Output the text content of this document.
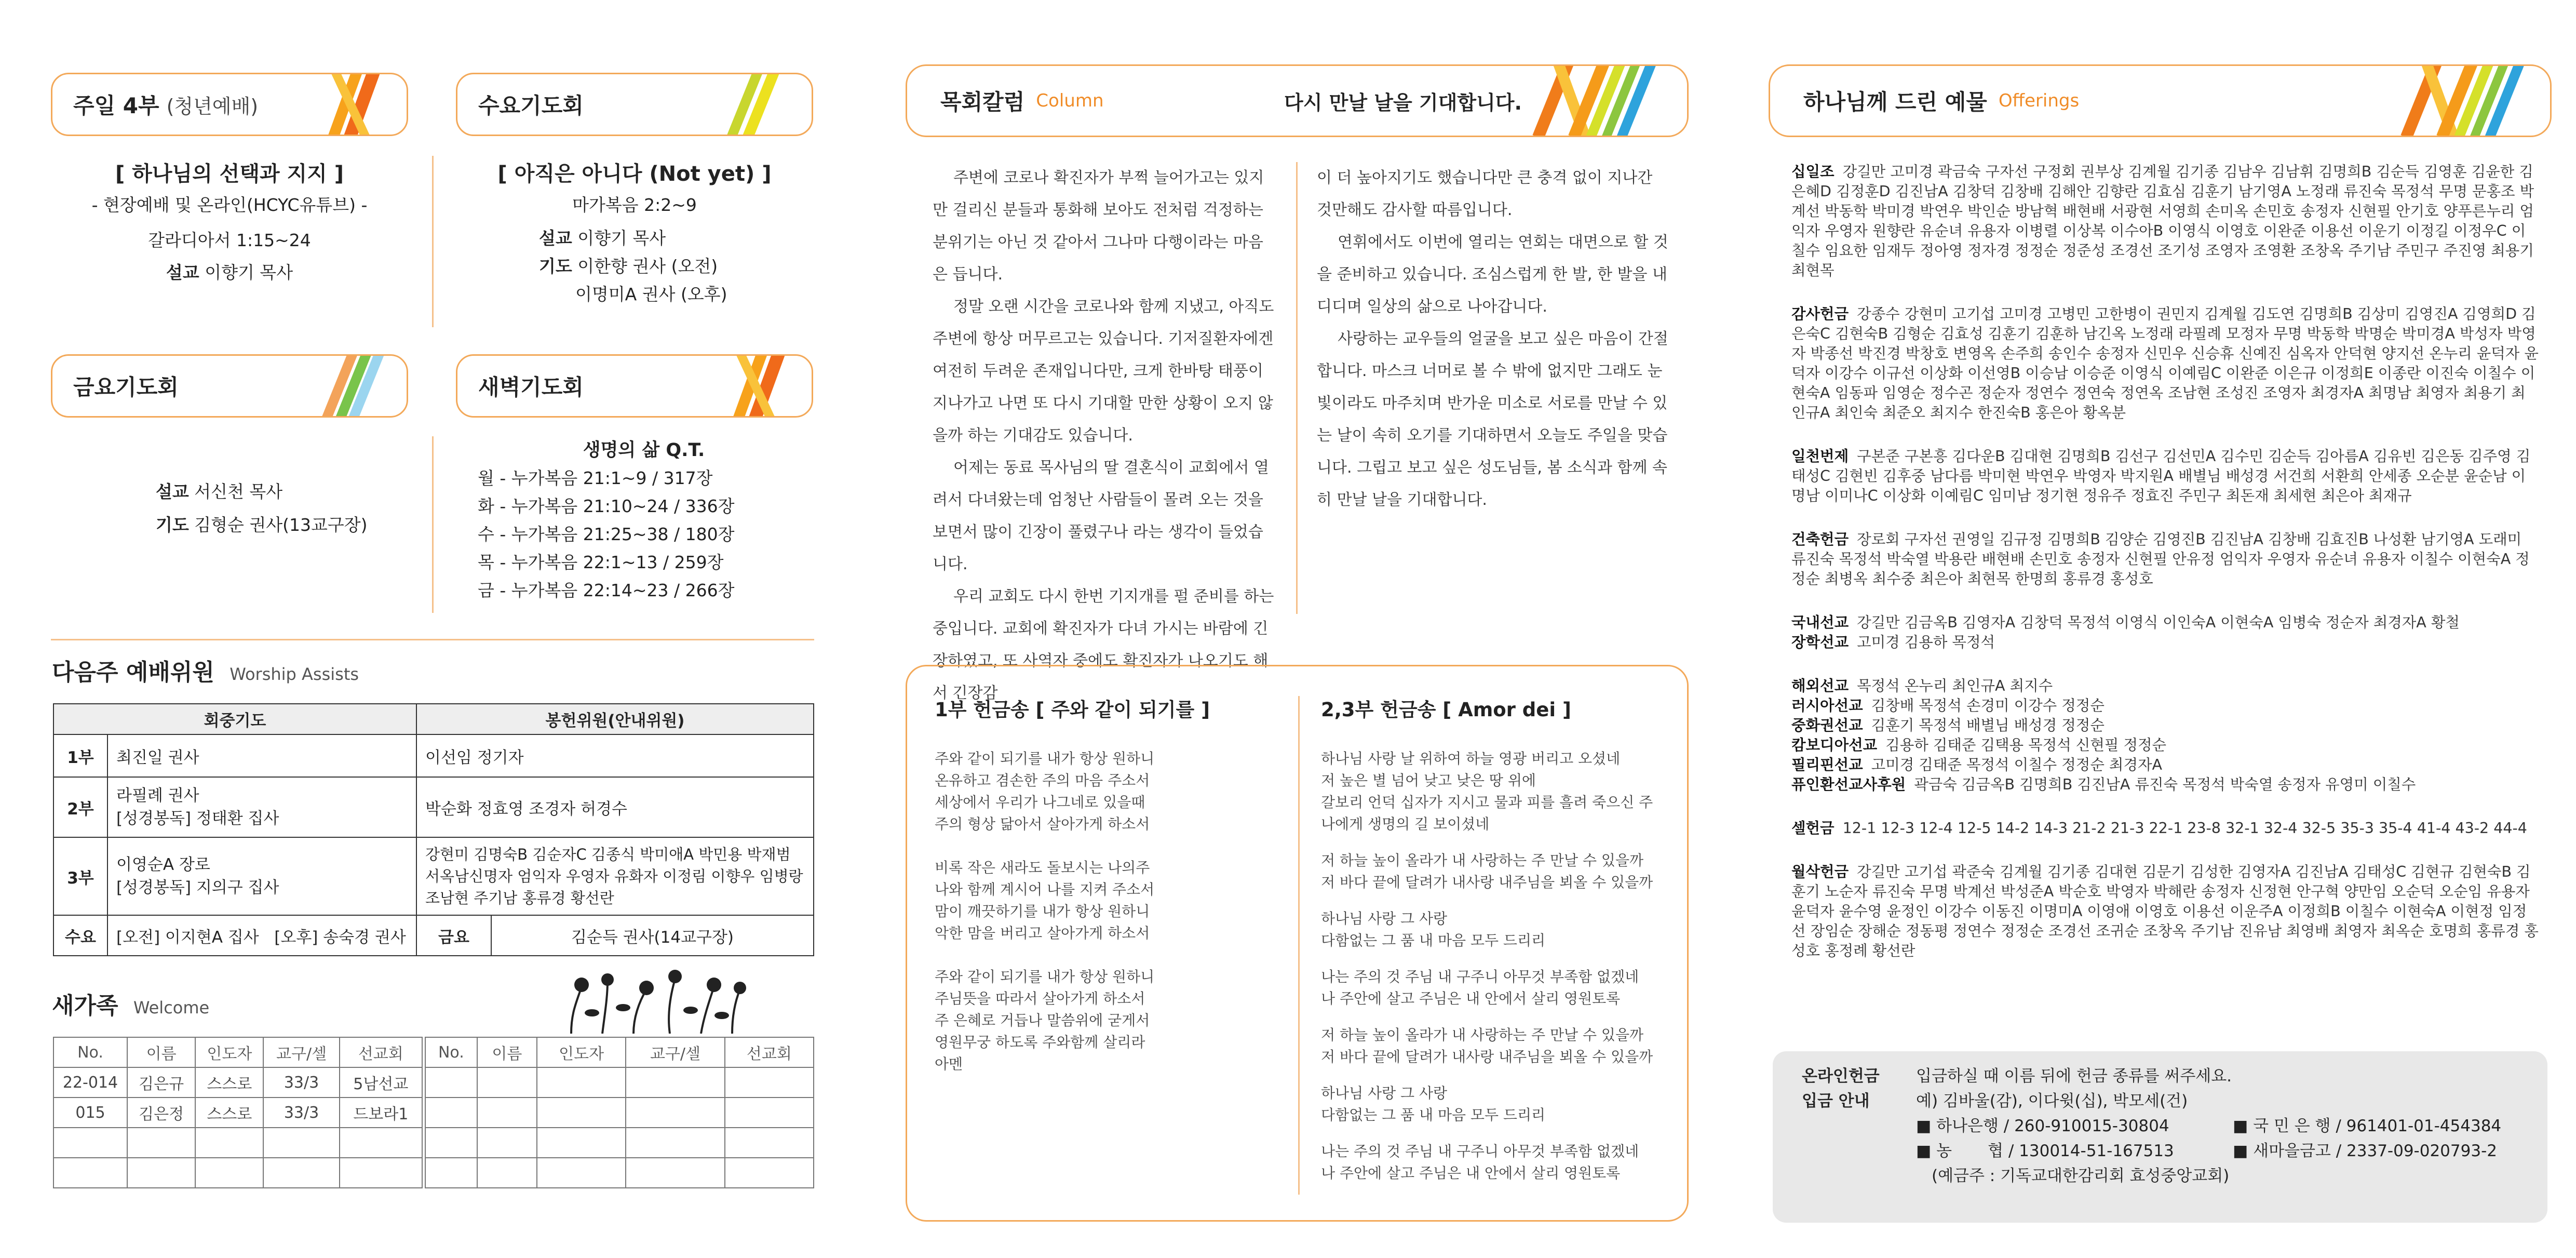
주일 4부 (청년예배)	수요기도회
[ 하나님의 선택과 지지 ]
- 현장예배 및 온라인(HCYC유튜브) -
갈라디아서 1:15~24
설교 이향기 목사
[ 아직은 아니다 (Not yet) ]
마가복음 2:2~9
설교 이향기 목사
기도 이한향 권사 (오전)
이명미A 권사 (오후)
금요기도회	새벽기도회
설교 서신천 목사
기도 김형순 권사(13교구장)
생명의 삶 Q.T.
월 - 누가복음 21:1~9 / 317장
화 - 누가복음 21:10~24 / 336장
수 - 누가복음 21:25~38 / 180장
목 - 누가복음 22:1~13 / 259장
금 - 누가복음 22:14~23 / 266장
다음주 예배위원 Worship Assists
회중기도		봉헌위원(안내위원)	
1부	최진일 권사	이선임 정기자	
2부	라필례 권사
[성경봉독] 정태환 집사	박순화 정효영 조경자 허경수	
3부	이영순A 장로
[성경봉독] 지의구 집사	강현미 김명숙B 김순자C 김종식 박미애A 박민용 박재범
서옥남신명자 엄익자 우영자 유화자 이정림 이향우 임병랑
조남현 주기남 홍류경 황선란	
수요	[오전] 이지현A 집사   [오후] 송숙경 권사	금요	김순득 권사(14교구장)
새가족 Welcome
No.	이름	인도자	교구/셀	선교회
22-014	김은규	스스로	33/3	5남선교
015	김은정	스스로	33/3	드보라1

No.	이름	인도자	교구/셀	선교회

목회칼럼 Column	다시 만날 날을 기대합니다.

주변에 코로나 확진자가 부쩍 늘어가고는 있지만 걸리신 분들과 통화해 보아도 전처럼 걱정하는 분위기는 아닌 것 같아서 그나마 다행이라는 마음은 듭니다.

정말 오랜 시간을 코로나와 함께 지냈고, 아직도 주변에 항상 머무르고는 있습니다. 기저질환자에겐 여전히 두려운 존재입니다만, 크게 한바탕 태풍이 지나가고 나면 또 다시 기대할 만한 상황이 오지 않을까 하는 기대감도 있습니다.

어제는 동료 목사님의 딸 결혼식이 교회에서 열려서 다녀왔는데 엄청난 사람들이 몰려 오는 것을 보면서 많이 긴장이 풀렸구나 라는 생각이 들었습니다.

우리 교회도 다시 한번 기지개를 펄 준비를 하는 중입니다. 교회에 확진자가 다녀 가시는 바람에 긴장하였고, 또 사역자 중에도 확진자가 나오기도 해서 긴장감

이 더 높아지기도 했습니다만 큰 충격 없이 지나간 것만해도 감사할 따름입니다.

연휘에서도 이번에 열리는 연회는 대면으로 할 것을 준비하고 있습니다. 조심스럽게 한 발, 한 발을 내디디며 일상의 삶으로 나아갑니다.

사랑하는 교우들의 얼굴을 보고 싶은 마음이 간절합니다. 마스크 너머로 볼 수 밖에 없지만 그래도 눈빛이라도 마주치며 반가운 미소로 서로를 만날 수 있는 날이 속히 오기를 기대하면서 오늘도 주일을 맞습니다. 그립고 보고 싶은 성도님들, 봄 소식과 함께 속히 만날 날을 기대합니다.

1부 헌금송 [ 주와 같이 되기를 ]
주와 같이 되기를 내가 항상 원하니
온유하고 겸손한 주의 마음 주소서
세상에서 우리가 나그네로 있을때
주의 형상 닮아서 살아가게 하소서
비록 작은 새라도 돌보시는 나의주
나와 함께 계시어 나를 지켜 주소서
맘이 깨끗하기를 내가 항상 원하니
악한 맘을 버리고 살아가게 하소서
주와 같이 되기를 내가 항상 원하니
주님뜻을 따라서 살아가게 하소서
주 은혜로 거듭나 말씀위에 굳게서
영원무궁 하도록 주와함께 살리라
아멘
2,3부 헌금송 [ Amor dei ]
하나님 사랑 날 위하여 하늘 영광 버리고 오셨네
저 높은 별 넘어 낮고 낮은 땅 위에
갈보리 언덕 십자가 지시고 물과 피를 흘려 죽으신 주
나에게 생명의 길 보이셨네
저 하늘 높이 올라가 내 사랑하는 주 만날 수 있을까
저 바다 끝에 달려가 내사랑 내주님을 뵈올 수 있을까
하나님 사랑 그 사랑
다함없는 그 품 내 마음 모두 드리리
나는 주의 것 주님 내 구주니 아무것 부족함 없겠네
나 주안에 살고 주님은 내 안에서 살리 영원토록
저 하늘 높이 올라가 내 사랑하는 주 만날 수 있을까
저 바다 끝에 달려가 내사랑 내주님을 뵈올 수 있을까
하나님 사랑 그 사랑
다함없는 그 품 내 마음 모두 드리리
나는 주의 것 주님 내 구주니 아무것 부족함 없겠네
나 주안에 살고 주님은 내 안에서 살리 영원토록
하나님께 드린 예물 Offerings

십일조 강길만 고미경 곽금숙 구자선 구정회 권부상 김계월 김기종 김남우 김남휘 김명희B 김순득 김영훈 김윤한 김은혜D 김정훈D 김진남A 김창덕 김창배 김해안 김향란 김효심 김훈기 남기영A 노정래 류진숙 목정석 무명 문홍조 박계선 박동학 박미경 박연우 박인순 방남혁 배현배 서광현 서영희 손미옥 손민호 송정자 신현필 안기호 양푸른누리 엄익자 우영자 원향란 유순녀 유용자 이병렬 이상복 이수아B 이영식 이영호 이완준 이용선 이운기 이정길 이정우C 이칠수 임요한 임재두 정아영 정자경 정정순 정준성 조경선 조기성 조영자 조영환 조창옥 주기남 주민구 주진영 최용기 최현목

감사헌금 강종수 강현미 고기섭 고미경 고병민 고한병이 권민지 김계월 김도연 김명희B 김상미 김영진A 김영희D 김은숙C 김현숙B 김형순 김효성 김훈기 김훈하 남긴옥 노정래 라필례 모정자 무명 박동학 박명순 박미경A 박성자 박영자 박종선 박진경 박창호 변영옥 손주희 송인수 송정자 신민우 신승휴 신예진 심옥자 안덕현 양지선 온누리 윤덕자 윤덕자 이강수 이규선 이상화 이선영B 이승남 이승준 이영식 이예림C 이완준 이은규 이정희E 이종란 이진숙 이칠수 이현숙A 임동파 임영순 정수곤 정순자 정연수 정연숙 정연옥 조남현 조성진 조영자 최경자A 최명남 최영자 최용기 최인규A 최인숙 최준오 최지수 한진숙B 홍은아 황옥분

일천번제 구본준 구본흥 김다운B 김대현 김명희B 김선구 김선민A 김수민 김순득 김아름A 김유빈 김은동 김주영 김태성C 김현빈 김후중 남다름 박미현 박연우 박영자 박지원A 배별님 배성경 서건희 서환희 안세종 오순분 윤순남 이명남 이미나C 이상화 이예림C 임미남 정기현 정유주 정효진 주민구 최돈재 최세현 최은아 최재규

건축헌금 장로회 구자선 권영일 김규정 김명희B 김양순 김영진B 김진남A 김창배 김효진B 나성환 남기영A 도래미 류진숙 목정석 박숙열 박용란 배현배 손민호 송정자 신현필 안유정 엄익자 우영자 유순녀 유용자 이칠수 이현숙A 정정순 최병옥 최수중 최은아 최현목 한명희 홍류경 홍성호

국내선교 강길만 김금옥B 김영자A 김창덕 목정석 이영식 이인숙A 이현숙A 임병숙 정순자 최경자A 황철
장학선교 고미경 김용하 목정석

해외선교 목정석 온누리 최인규A 최지수
러시아선교 김창배 목정석 손경미 이강수 정정순
중화권선교 김훈기 목정석 배별님 배성경 정정순
캄보디아선교 김용하 김태준 김택용 목정석 신현필 정정순
필리핀선교 고미경 김태준 목정석 이칠수 정정순 최경자A
퓨인환선교사후원 곽금숙 김금옥B 김명희B 김진남A 류진숙 목정석 박숙열 송정자 유영미 이칠수

셀헌금 12-1 12-3 12-4 12-5 14-2 14-3 21-2 21-3 22-1 23-8 32-1 32-4 32-5 35-3 35-4 41-4 43-2 44-4

월삭헌금 강길만 고기섭 곽준숙 김계월 김기종 김대현 김문기 김성한 김영자A 김진남A 김태성C 김현규 김현숙B 김훈기 노순자 류진숙 무명 박계선 박성준A 박순호 박영자 박해란 송정자 신정현 안구혁 양만임 오순덕 오순임 유용자 윤덕자 윤수영 윤정인 이강수 이동진 이명미A 이영애 이영호 이용선 이운주A 이정희B 이칠수 이현숙A 이현정 임정선 장임순 장해순 정동평 정연수 정정순 조경선 조귀순 조창옥 주기남 진유남 최영배 최영자 최옥순 호명희 홍류경 홍성호 홍정례 황선란

온라인헌금 입금하실 때 이름 뒤에 헌금 종류를 써주세요.
입금 안내	예) 김바울(감), 이다윗(십), 박모세(건)
■ 하나은행 / 260-910015-30804	■ 국 민 은 행 / 961401-01-454384
■ 농       협 / 130014-51-167513	■ 새마을금고 / 2337-09-020793-2
(예금주 : 기독교대한감리회 효성중앙교회)
